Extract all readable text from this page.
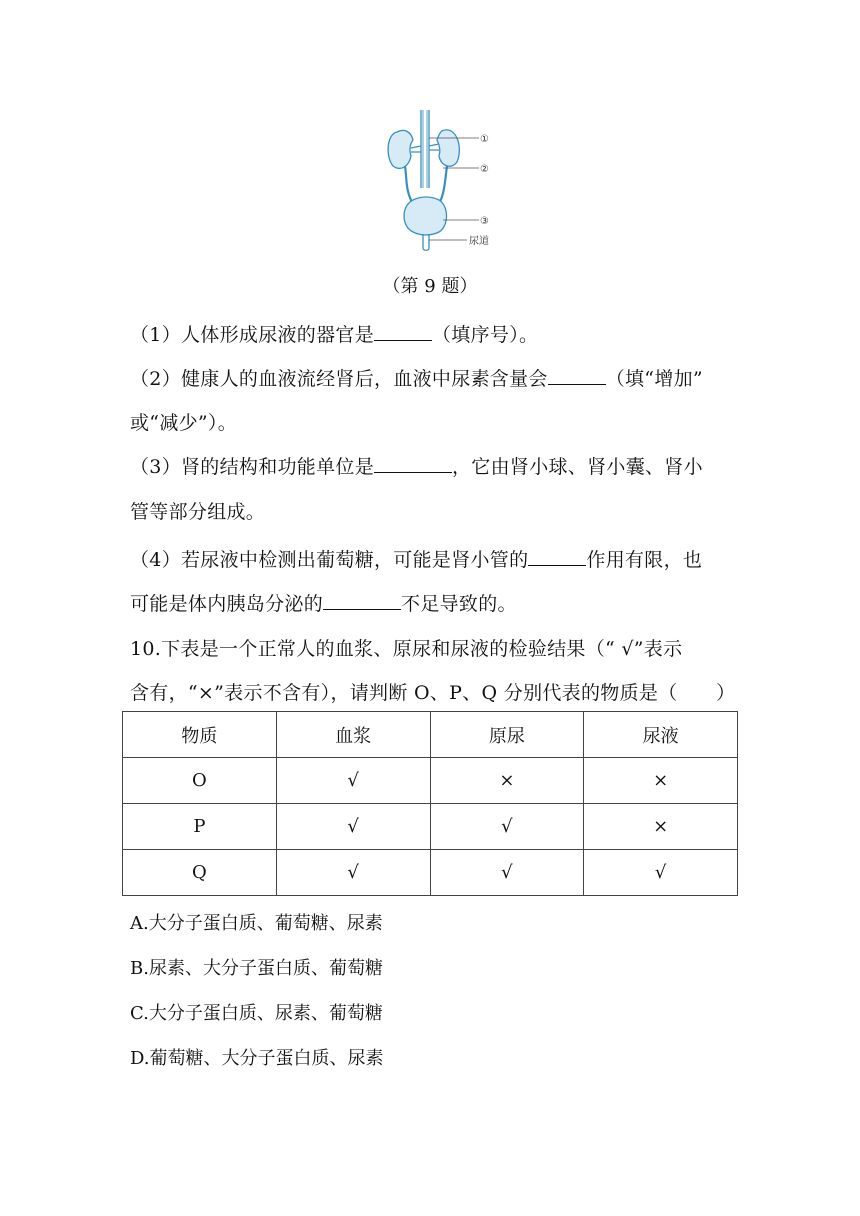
①
②
③
尿道
（第 9 题）
（1）人体形成尿液的器官是	（填序号）。
（2）健康人的血液流经肾后，血液中尿素含量会	（填“增加”
或“减少”）。
（3）肾的结构和功能单位是	，它由肾小球、肾小囊、肾小
管等部分组成。
（4）若尿液中检测出葡萄糖，可能是肾小管的	作用有限，也
可能是体内胰岛分泌的	不足导致的。
10.下表是一个正常人的血浆、原尿和尿液的检验结果（“ √”表示
含有，“×”表示不含有），请判断 O、P、Q 分别代表的物质是（　　）
物质	血浆	原尿	尿液
O	√	×	×
P	√	√	×
Q	√	√	√
A.大分子蛋白质、葡萄糖、尿素
B.尿素、大分子蛋白质、葡萄糖
C.大分子蛋白质、尿素、葡萄糖
D.葡萄糖、大分子蛋白质、尿素
